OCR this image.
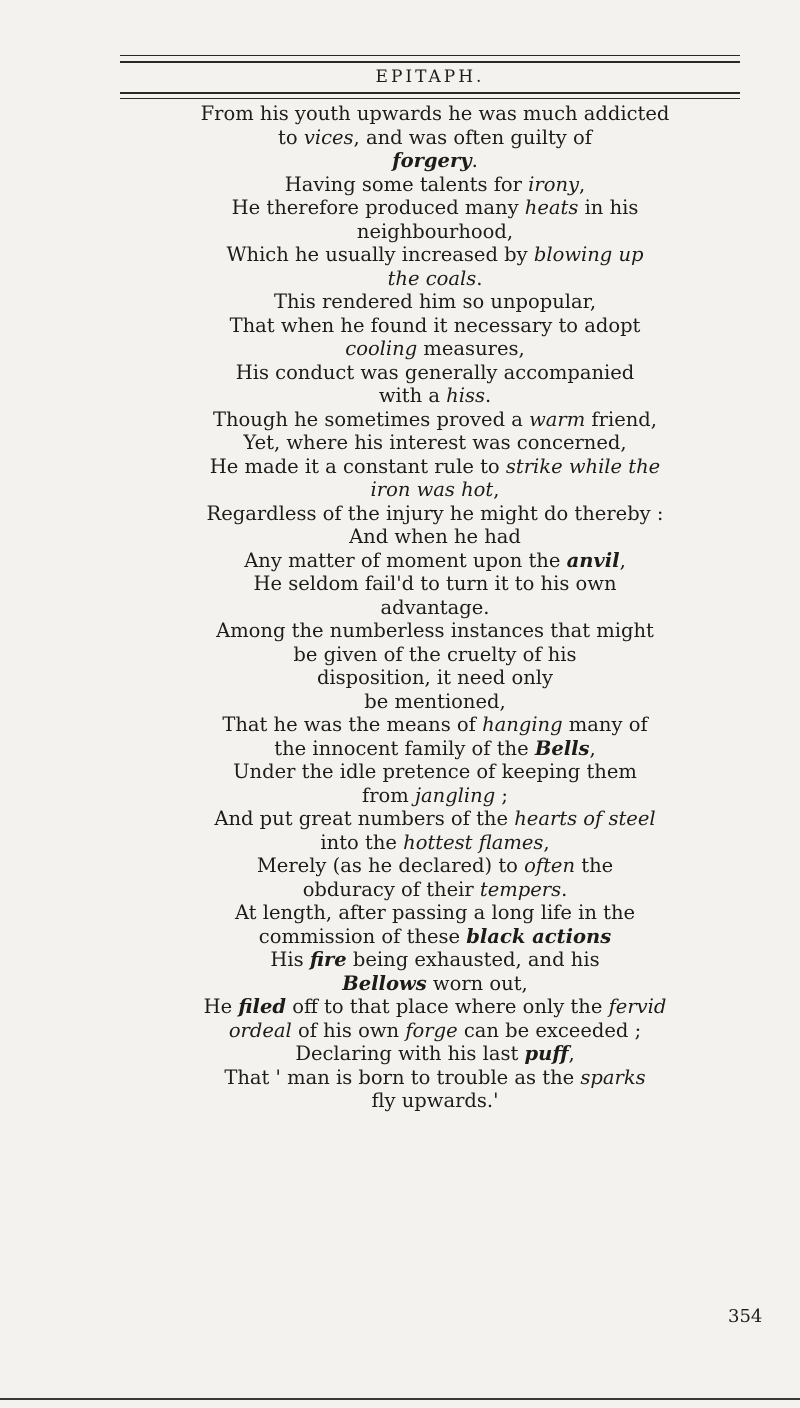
EPITAPH.
From his youth upwards he was much addicted
to vices, and was often guilty of
forgery.
Having some talents for irony,
He therefore produced many heats in his
neighbourhood,
Which he usually increased by blowing up
the coals.
This rendered him so unpopular,
That when he found it necessary to adopt
cooling measures,
His conduct was generally accompanied
with a hiss.
Though he sometimes proved a warm friend,
Yet, where his interest was concerned,
He made it a constant rule to strike while the
iron was hot,
Regardless of the injury he might do thereby :
And when he had
Any matter of moment upon the anvil,
He seldom fail'd to turn it to his own
advantage.
Among the numberless instances that might
be given of the cruelty of his
disposition, it need only
be mentioned,
That he was the means of hanging many of
the innocent family of the Bells,
Under the idle pretence of keeping them
from jangling ;
And put great numbers of the hearts of steel
into the hottest flames,
Merely (as he declared) to often the
obduracy of their tempers.
At length, after passing a long life in the
commission of these black actions
His fire being exhausted, and his
Bellows worn out,
He filed off to that place where only the fervid
ordeal of his own forge can be exceeded ;
Declaring with his last puff,
That ' man is born to trouble as the sparks
fly upwards.'
354
